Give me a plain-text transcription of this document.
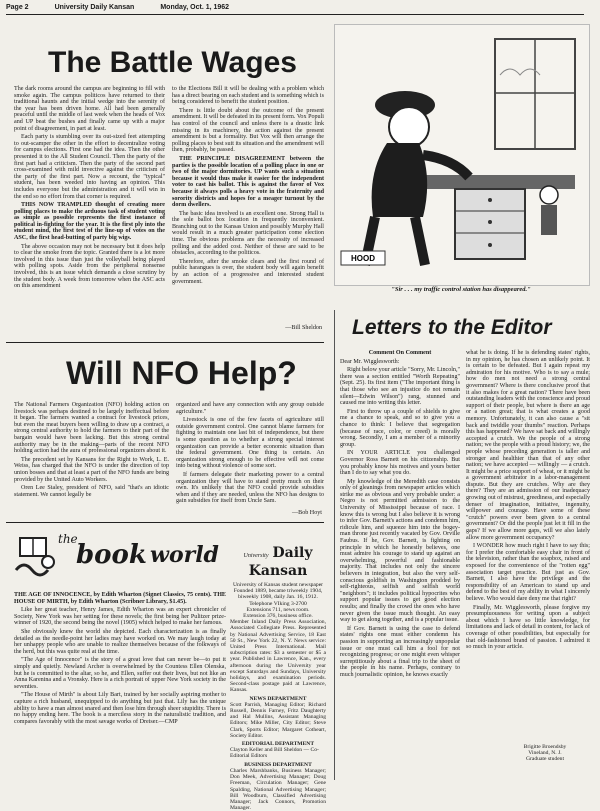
Page 2	University Daily Kansan	Monday, Oct. 1, 1962
The Battle Wages

The dark rooms around the campus are beginning to fill with smoke again. The campus politicos have returned to their traditional haunts and the initial wedge into the serenity of the year has been driven home. All had been generally peaceful until the middle of last week when the heads of Vox and UP beat the bushes and finally came up with a major point of disagreement, in part at least.

Each party is stumbling over its out-sized feet attempting to out-scamper the other in the effort to decentralize voting for campus elections. First one had the idea. Then the other presented it to the All Student Council. Then the party of the first part had a criticism. Then the party of the second part cross-examined with mild invective against the criticism of the party of the first part. Now a recount, the "typical" student, has been weeded into having an opinion. This includes everyone but the administration and it will win in the end so no effort from that corner is required.

THIS NOW TRAMPLED thought of creating more polling places to make the arduous task of student voting as simple as possible represents the first instance of political in-fighting for the year. It is the first ply into the student mind, the first test of the line-up of votes on the ASC, the first head-butting of party big wigs.

The above occasion may not be necessary but it does help to clear the smoke from the topic. Granted there is a lot more involved in this issue than just the volleyball being played with polling spots. Aside from the peripheral nonsense involved, this is an issue which demands a close scrutiny by the student body. A week from tomorrow when the ASC acts on this amendment

to the Elections Bill it will be dealing with a problem which has a direct bearing on each student and is something which is being considered to benefit the student position.

There is little doubt about the outcome of the present amendment. It will be defeated in its present form. Vox Populi has control of the council and unless there is a drastic link missing in its machinery, the action against the present amendment is but a formality. But Vox will then arrange the polling places to best suit its situation and the amendment will then, probably, be passed.

THE PRINCIPLE DISAGREEMENT between the parties is the possible location of a polling place in one or two of the major dormitories. UP wants such a situation because it would thus make it easier for the independent voter to cast his ballot. This is against the favor of Vox because it always polls a heavy vote in the fraternity and sorority districts and hopes for a meager turnout by the dorm dwellers.

The basic idea involved is an excellent one. Strong Hall is the sole ballot box location in frequently inconvenient. Branching out to the Kansas Union and possibly Murphy Hall would result in a much greater participation come election time. The obvious problems are the necessity of increased polling and the added cost. Neither of these are said to be obstacles, according to the politicos.

Therefore, after the smoke clears and the first round of public harangues is over, the student body will again benefit by an action of a progressive and interested student government.

—Bill Sheldon
HOOD
"Sir . . . my traffic control station has disappeared."
Will NFO Help?

The National Farmers Organization (NFO) holding action on livestock was perhaps destined to be largely ineffectual before it began. The farmers wanted a contract for livestock prices, but even the meat buyers been willing to draw up a contract, a strong central authority to hold the farmers to their part of the bargain would have been lacking. But this strong central authority may be in the making—parts of the recent NFO holding action had the aura of professional organizers about it.

The precedent set by Kansans for the Right to Work, L. E. Weiss, has charged that the NFO is under the direction of top union bosses and that at least a part of the NFO funds are being provided by the United Auto Workers.

Oren Lee Staley, president of NFO, said "that's an idiotic statement. We cannot legally be

organized and have any connection with any group outside agriculture."

Livestock is one of the few facets of agriculture still outside government control. One cannot blame farmers for fighting to maintain one last bit of independence, but there is some question as to whether a strong special interest organization can provide a better economic situation than the federal government. One thing is certain. An organization strong enough to be effective will not come into being without violence of some sort.

If farmers delegate their marketing power to a central organization they will have to stand pretty much on their own. It's unlikely that the NFO could provide subsidies when and if they are needed, unless the NFO has designs to gain subsidies for itself from Uncle Sam.

—Bob Hoyt
the
book world

THE AGE OF INNOCENCE, by Edith Wharton (Signet Classics, 75 cents). THE HOUSE OF MIRTH, by Edith Wharton (Scribner Library, $1.45).

Like her great teacher, Henry James, Edith Wharton was an expert chronicler of Society, New York was her setting for these novels; the first being her Pulitzer prize-winner of 1920, the second being the novel (1905) which helped to make her famous.

She obviously knew the world she depicted. Each characterization is as finally detailed as the needle-point her ladies may have worked on. We may laugh today at her unhappy people who are unable to realize themselves because of the folkways of the herd, but this was quite real at the time.

"The Age of Innocence" is the story of a great love that can never be—to put it simply and quietly. Newland Archer is overwhelmed by the Countess Ellen Olenska, but he is committed to the altar, so he, and Ellen, suffer out their lives, but not like an Anna Karenina and a Vronsky. Here is a rich portrait of upper New York society in the seventies.

"The House of Mirth" is about Lily Bart, trained by her socially aspiring mother to capture a rich husband, unequipped to do anything but just that. Lily has the unique ability to have a man almost snared and then lose him through sheer stupidity. There is no happy ending here. The book is a merciless story in the naturalistic tradition, and compares favorably with the most savage works of Dreiser.—CMP

University Daily Kansan
University of Kansas student newspaper
Founded 1889, became triweekly 1904, biweekly 1908, daily Jan. 16, 1912.
Telephone VIking 3-2700
Extensions 711, news room.
Extension 376, business office.
Member Inland Daily Press Association, Associated Collegiate Press. Represented by National Advertising Service, 18 East 50 St., New York 22, N. Y. News service: United Press International. Mail subscription rates: $3 a semester or $5 a year. Published in Lawrence, Kan., every afternoon during the University year except Saturdays and Sundays, University holidays, and examination periods. Second-class postage paid at Lawrence, Kansas.
NEWS DEPARTMENT
Scott Parrish, Managing Editor; Richard Russell, Dennis Farney, Fritz Daughterty and Hal Mullins, Assistant Managing Editors; Mike Miller, City Editor; Steve Clark, Sports Editor; Margaret Cotheart, Society Editor.
EDITORIAL DEPARTMENT
Clayton Keller and Bill Sheldon — Co-Editorial Editors
BUSINESS DEPARTMENT
Charles Marshbanks, Business Manager; Don Meek, Advertising Manager; Doug Freeman, Circulation Manager; Gene Spalding, National Advertising Manager; Bill Woodburn, Classified Advertising Manager; Jack Connors, Promotion Manager.
Letters to the Editor

Comment On Comment

Dear Mr. Wigglesworth:

Right below your article "Sorry, Mr. Lincoln," there was a section entitled "Worth Repeating" (Sept. 25). Its first item ("The important thing is that those who see an injustice do not remain silent—Edwin Wilson") rang, stunned and caused me into writing this letter.

First to throw up a couple of shields to give me a chance to speak, and so to give you a chance to think: I believe that segregation (because of race, color, or creed) is morally wrong. Secondly, I am a member of a minority group.

IN YOUR ARTICLE you challenged Governor Ross Barnett on his citizenship. But you probably know his motives and yours better than I do to say what you do.

My knowledge of the Meredith case consists only of gleanings from newspaper articles which strike me as obvious and very probable under: a Negro is not permitted admission to the University of Mississippi because of race. I know this is wrong but I also believe it is wrong to infer Gov. Barnett's actions and condemn him, ridicule him, and squeeze him into the bogey-man throne just recently vacated by Gov. Orville Faubus. If he, Gov. Barnett, is fighting on principle in which he honestly believes, one must admire his courage to stand up against an overwhelming, powerful and fashionable majority. That includes not only the sincere believers in integration, but also the very self-conscious goldfish in Washington prodded by self-righteous, selfish and selfish world "neighbors"; it includes political hypocrites who support popular issues to get good election results; and finally the crowd the ones who have never given the issue much thought. An easy way to get along together, and is a popular issue.

If Gov. Barnett is using the case to defend states' rights one must either condemn his passion in supporting an increasingly unpopular issue or one must call him a fool for not recognizing progress; or one might even whisper surreptitiously about a final trip to the sheet of the people in his name. Perhaps, contrary to much journalistic opinion, he knows exactly

what he is doing. If he is defending states' rights, in my opinion, he has chosen an unlikely point. It is certain to be defeated. But I again repeat my admiration for his motive. Who is to say a mule; how do men not need a strong central government? Where is there conclusive proof that it also makes for a great nation? There have been outstanding leaders with the conscience and proud support of their people, but where is there an age or a nation great; that is what creates a good memory. Unfortunately, it can also cause a "sit back and twiddle your thumbs" reaction. Perhaps this has happened? We have sat back and willingly accepted a crutch. We the people of a strong nation; we the people with a proud history; we, the people whose preceding generation is taller and stronger and healthier than that of any other nation; we have accepted — willingly — a crutch. It might be a price support of wheat, or it might be a government arbitrator in a labor-management dispute. But they are crutches. Why are they there? They are an admission of our inadequacy growing out of mistrust, greediness, and especially denser of imagination, initiative, ingenuity, willpower and courage. Have some of these "crutch" powers ever been given to a central government? Or did the people just let it fill in the gaps? If we allow more gaps, will we also lately allow more government occupancy?

I WONDER how much right I have to say this; for I prefer the comfortable easy chair in front of the television, rather than the soapbox, raised and exposed for the convenience of the "rotten egg" association target practice. But just as Gov. Barnett, I also have the privilege and the responsibility of an American to stand up and defend to the best of my ability in what I sincerely believe. Who would dare deny me that right?

Finally, Mr. Wigglesworth, please forgive my presumptuousness for writing upon a subject about which I have so little knowledge, for limitations and lack of detail in content, for lack of coverage of other possibilities, but especially for that old-fashioned brand of passion. I admired it so much in your article.

Brigitte Broendsby
Vineland, N. J.
Graduate student
